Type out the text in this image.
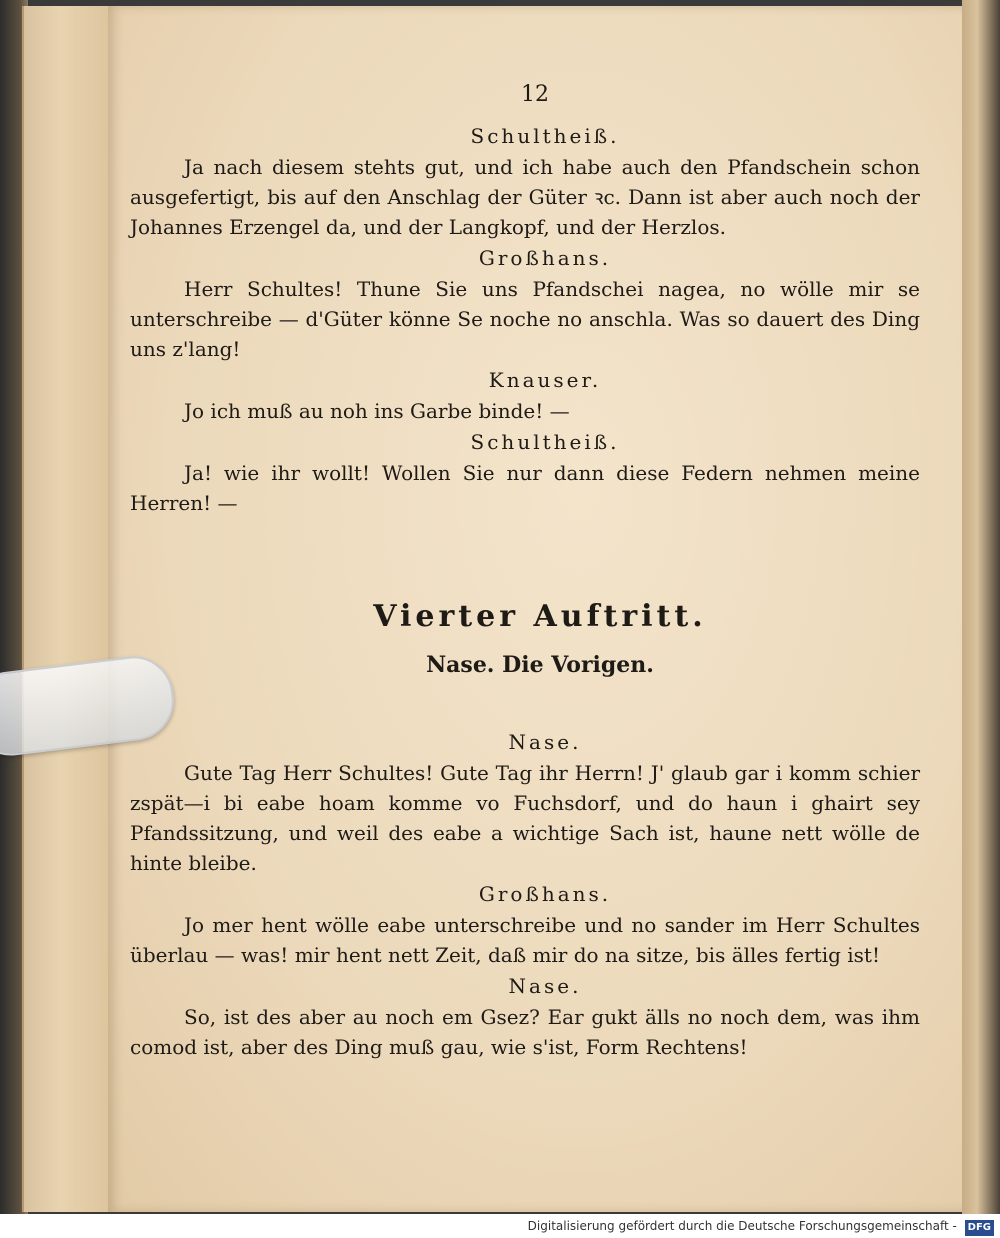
12
Schultheiß.

Ja nach diesem stehts gut, und ich habe auch den Pfandschein schon ausgefertigt, bis auf den Anschlag der Güter ꝛc. Dann ist aber auch noch der Johannes Erzengel da, und der Langkopf, und der Herzlos.

Großhans.

Herr Schultes! Thune Sie uns Pfandschei nagea, no wölle mir se unterschreibe — d'Güter könne Se noche no anschla. Was so dauert des Ding uns z'lang!

Knauser.

Jo ich muß au noh ins Garbe binde! —

Schultheiß.

Ja! wie ihr wollt! Wollen Sie nur dann diese Federn nehmen meine Herren! —

Vierter Auftritt.
Nase. Die Vorigen.
Nase.

Gute Tag Herr Schultes! Gute Tag ihr Herrn! J' glaub gar i komm schier zspät—i bi eabe hoam komme vo Fuchsdorf, und do haun i ghairt sey Pfandssitzung, und weil des eabe a wichtige Sach ist, haune nett wölle de hinte bleibe.

Großhans.

Jo mer hent wölle eabe unterschreibe und no sander im Herr Schultes überlau — was! mir hent nett Zeit, daß mir do na sitze, bis älles fertig ist!

Nase.

So, ist des aber au noch em Gsez? Ear gukt älls no noch dem, was ihm comod ist, aber des Ding muß gau, wie s'ist, Form Rechtens!

Digitalisierung gefördert durch die Deutsche Forschungsgemeinschaft - DFG
